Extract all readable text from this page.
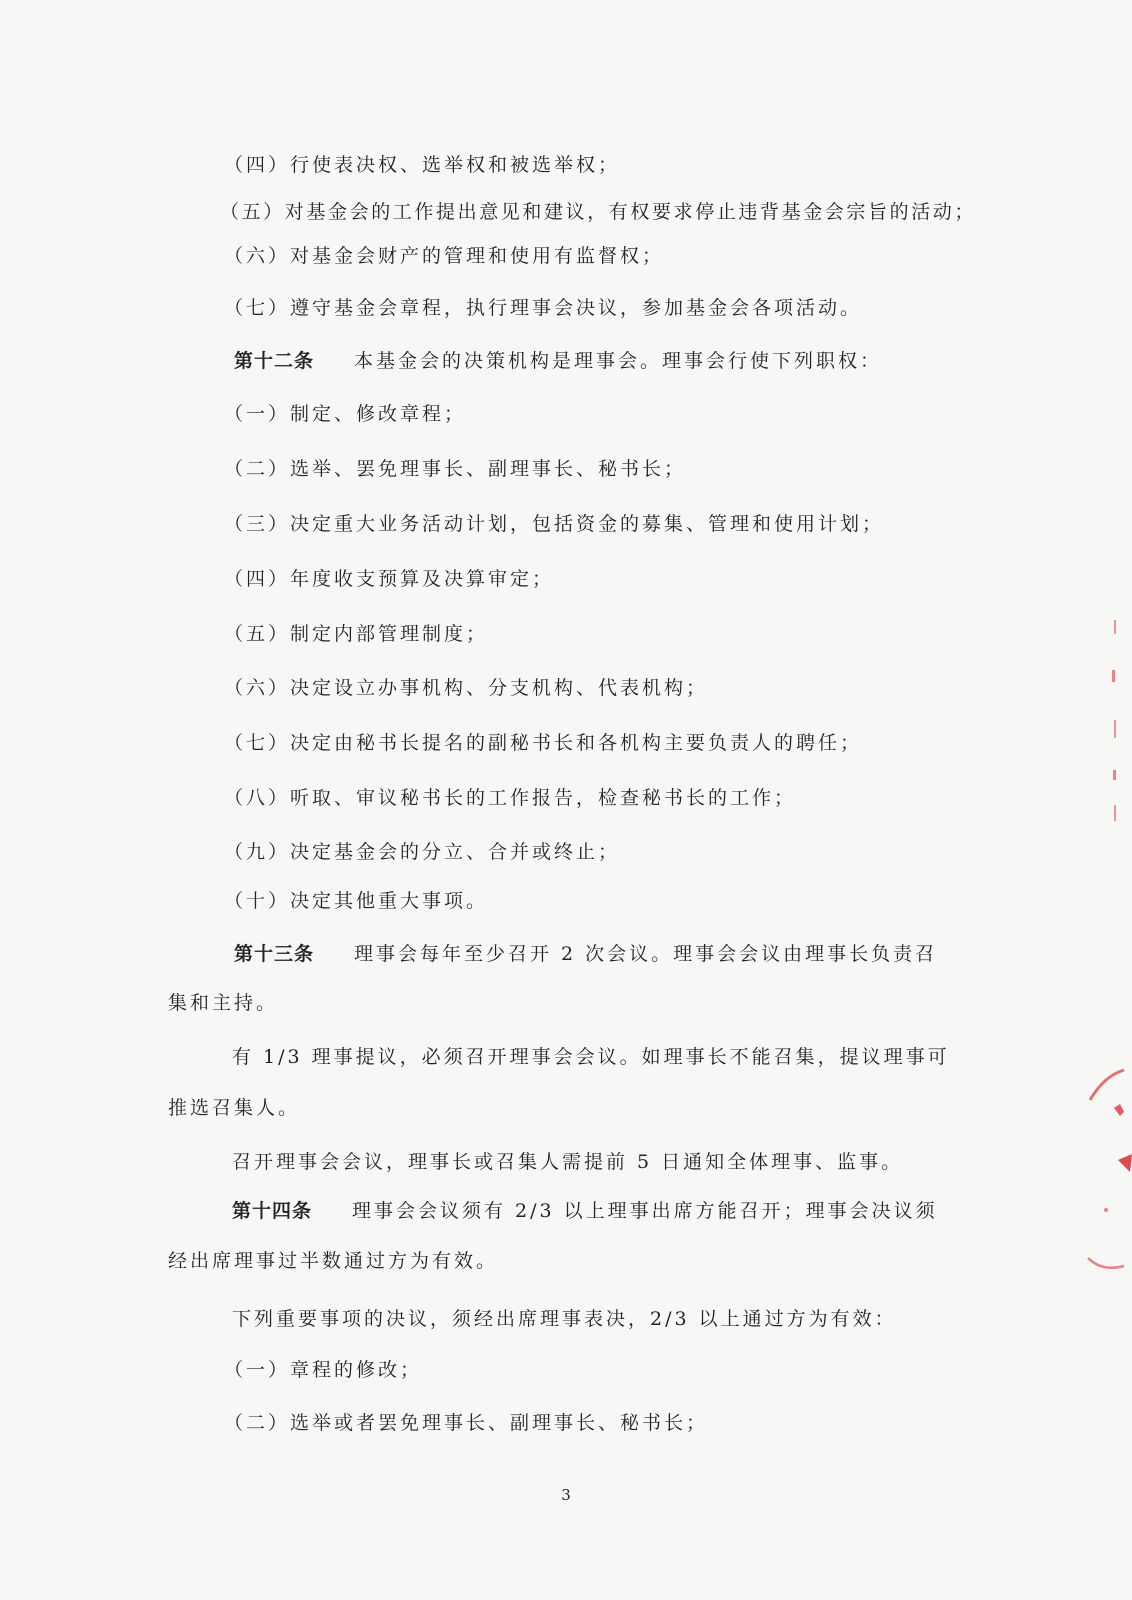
（四）行使表决权、选举权和被选举权；

（五）对基金会的工作提出意见和建议，有权要求停止违背基金会宗旨的活动；

（六）对基金会财产的管理和使用有监督权；

（七）遵守基金会章程，执行理事会决议，参加基金会各项活动。

第十二条 本基金会的决策机构是理事会。理事会行使下列职权：

（一）制定、修改章程；

（二）选举、罢免理事长、副理事长、秘书长；

（三）决定重大业务活动计划，包括资金的募集、管理和使用计划；

（四）年度收支预算及决算审定；

（五）制定内部管理制度；

（六）决定设立办事机构、分支机构、代表机构；

（七）决定由秘书长提名的副秘书长和各机构主要负责人的聘任；

（八）听取、审议秘书长的工作报告，检查秘书长的工作；

（九）决定基金会的分立、合并或终止；

（十）决定其他重大事项。

第十三条 理事会每年至少召开 2 次会议。理事会会议由理事长负责召

集和主持。

有 1/3 理事提议，必须召开理事会会议。如理事长不能召集，提议理事可

推选召集人。

召开理事会会议，理事长或召集人需提前 5 日通知全体理事、监事。

第十四条 理事会会议须有 2/3 以上理事出席方能召开；理事会决议须

经出席理事过半数通过方为有效。

下列重要事项的决议，须经出席理事表决，2/3 以上通过方为有效：

（一）章程的修改；

（二）选举或者罢免理事长、副理事长、秘书长；

3
